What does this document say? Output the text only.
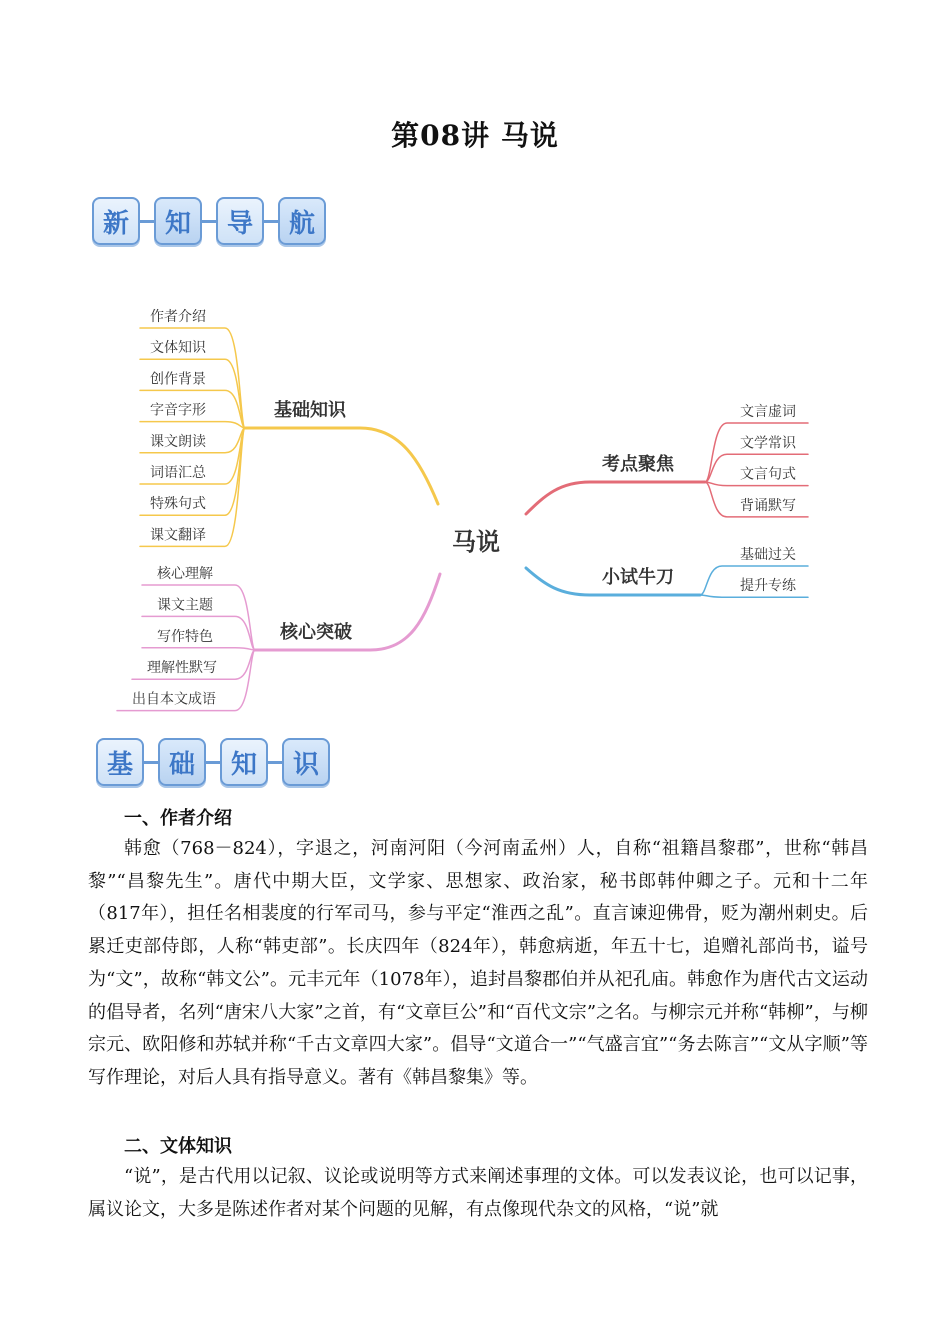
第08讲 马说
新	知	导	航
马说
基础知识
作者介绍
文体知识
创作背景
字音字形
课文朗读
词语汇总
特殊句式
课文翻译
核心突破
核心理解
课文主题
写作特色
理解性默写
出自本文成语
考点聚焦
文言虚词
文学常识
文言句式
背诵默写
小试牛刀
基础过关
提升专练
基	础	知	识
一、作者介绍
韩愈（768－824），字退之，河南河阳（今河南孟州）人，自称“祖籍昌黎郡”，世称“韩昌黎”“昌黎先生”。唐代中期大臣，文学家、思想家、政治家，秘书郎韩仲卿之子。元和十二年（817年），担任名相裴度的行军司马，参与平定“淮西之乱”。直言谏迎佛骨，贬为潮州刺史。后累迁吏部侍郎，人称“韩吏部”。长庆四年（824年），韩愈病逝，年五十七，追赠礼部尚书，谥号为“文”，故称“韩文公”。元丰元年（1078年），追封昌黎郡伯并从祀孔庙。韩愈作为唐代古文运动的倡导者，名列“唐宋八大家”之首，有“文章巨公”和“百代文宗”之名。与柳宗元并称“韩柳”，与柳宗元、欧阳修和苏轼并称“千古文章四大家”。倡导“文道合一”“气盛言宜”“务去陈言”“文从字顺”等写作理论，对后人具有指导意义。著有《韩昌黎集》等。
二、文体知识
“说”，是古代用以记叙、议论或说明等方式来阐述事理的文体。可以发表议论，也可以记事，属议论文，大多是陈述作者对某个问题的见解，有点像现代杂文的风格，“说”就
